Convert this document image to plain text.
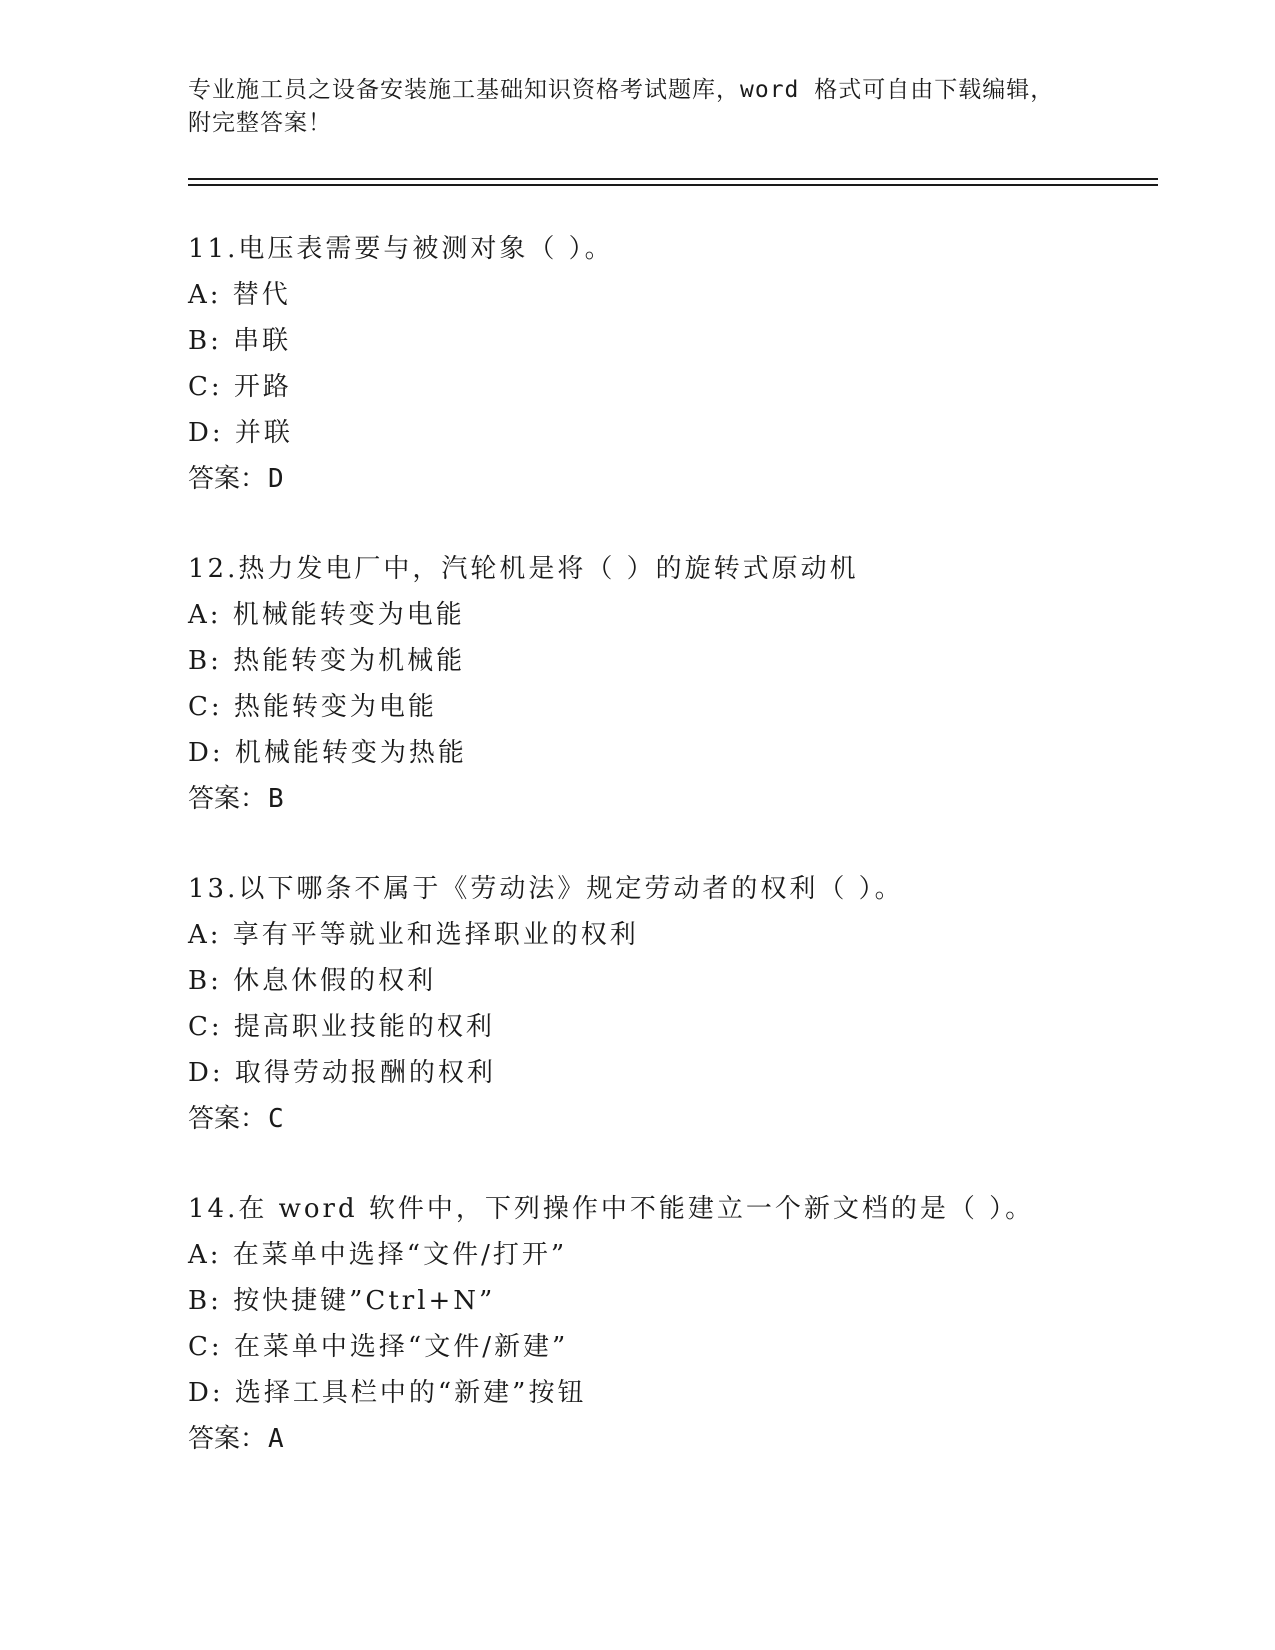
专业施工员之设备安装施工基础知识资格考试题库，word 格式可自由下载编辑，
附完整答案！
11.电压表需要与被测对象（ ）。
A: 替代
B: 串联
C: 开路
D: 并联
答案：D
12.热力发电厂中，汽轮机是将（ ）的旋转式原动机
A: 机械能转变为电能
B: 热能转变为机械能
C: 热能转变为电能
D: 机械能转变为热能
答案：B
13.以下哪条不属于《劳动法》规定劳动者的权利（ ）。
A: 享有平等就业和选择职业的权利
B: 休息休假的权利
C: 提高职业技能的权利
D: 取得劳动报酬的权利
答案：C
14.在 word 软件中，下列操作中不能建立一个新文档的是（ ）。
A: 在菜单中选择“文件/打开”
B: 按快捷键”Ctrl+N”
C: 在菜单中选择“文件/新建”
D: 选择工具栏中的“新建”按钮
答案：A
